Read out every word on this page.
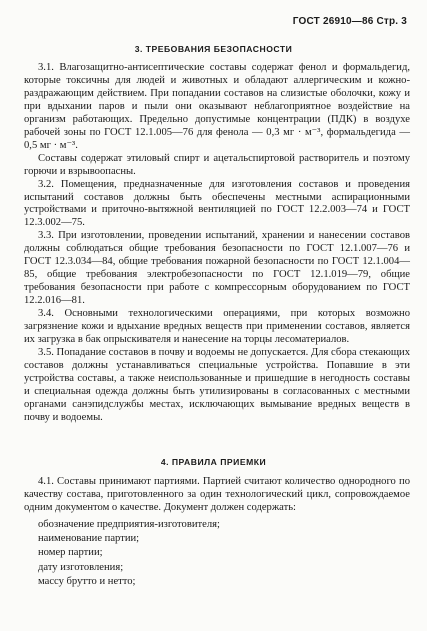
ГОСТ 26910—86 Стр. 3
3. ТРЕБОВАНИЯ БЕЗОПАСНОСТИ

3.1. Влагозащитно-антисептические составы содержат фенол и формальдегид, которые токсичны для людей и животных и обладают аллергическим и кожно-раздражающим действием. При попадании составов на слизистые оболочки, кожу и при вдыхании паров и пыли они оказывают неблагоприятное воздействие на организм работающих. Предельно допустимые концентрации (ПДК) в воздухе рабочей зоны по ГОСТ 12.1.005—76 для фенола — 0,3 мг · м⁻³, формальдегида — 0,5 мг · м⁻³.

Составы содержат этиловый спирт и ацетальспиртовой растворитель и поэтому горючи и взрывоопасны.

3.2. Помещения, предназначенные для изготовления составов и проведения испытаний составов должны быть обеспечены местными аспирационными устройствами и приточно-вытяжной вентиляцией по ГОСТ 12.2.003—74 и ГОСТ 12.3.002—75.

3.3. При изготовлении, проведении испытаний, хранении и нанесении составов должны соблюдаться общие требования безопасности по ГОСТ 12.1.007—76 и ГОСТ 12.3.034—84, общие требования пожарной безопасности по ГОСТ 12.1.004—85, общие требования электробезопасности по ГОСТ 12.1.019—79, общие требования безопасности при работе с компрессорным оборудованием по ГОСТ 12.2.016—81.

3.4. Основными технологическими операциями, при которых возможно загрязнение кожи и вдыхание вредных веществ при применении составов, является их загрузка в бак опрыскивателя и нанесение на торцы лесоматериалов.

3.5. Попадание составов в почву и водоемы не допускается. Для сбора стекающих составов должны устанавливаться специальные устройства. Попавшие в эти устройства составы, а также неиспользованные и пришедшие в негодность составы и специальная одежда должны быть утилизированы в согласованных с местными органами санэпидслужбы местах, исключающих вымывание вредных веществ в почву и водоемы.

4. ПРАВИЛА ПРИЕМКИ

4.1. Составы принимают партиями. Партией считают количество однородного по качеству состава, приготовленного за один технологический цикл, сопровождаемое одним документом о качестве. Документ должен содержать:

обозначение предприятия-изготовителя;
наименование партии;
номер партии;
дату изготовления;
массу брутто и нетто;
